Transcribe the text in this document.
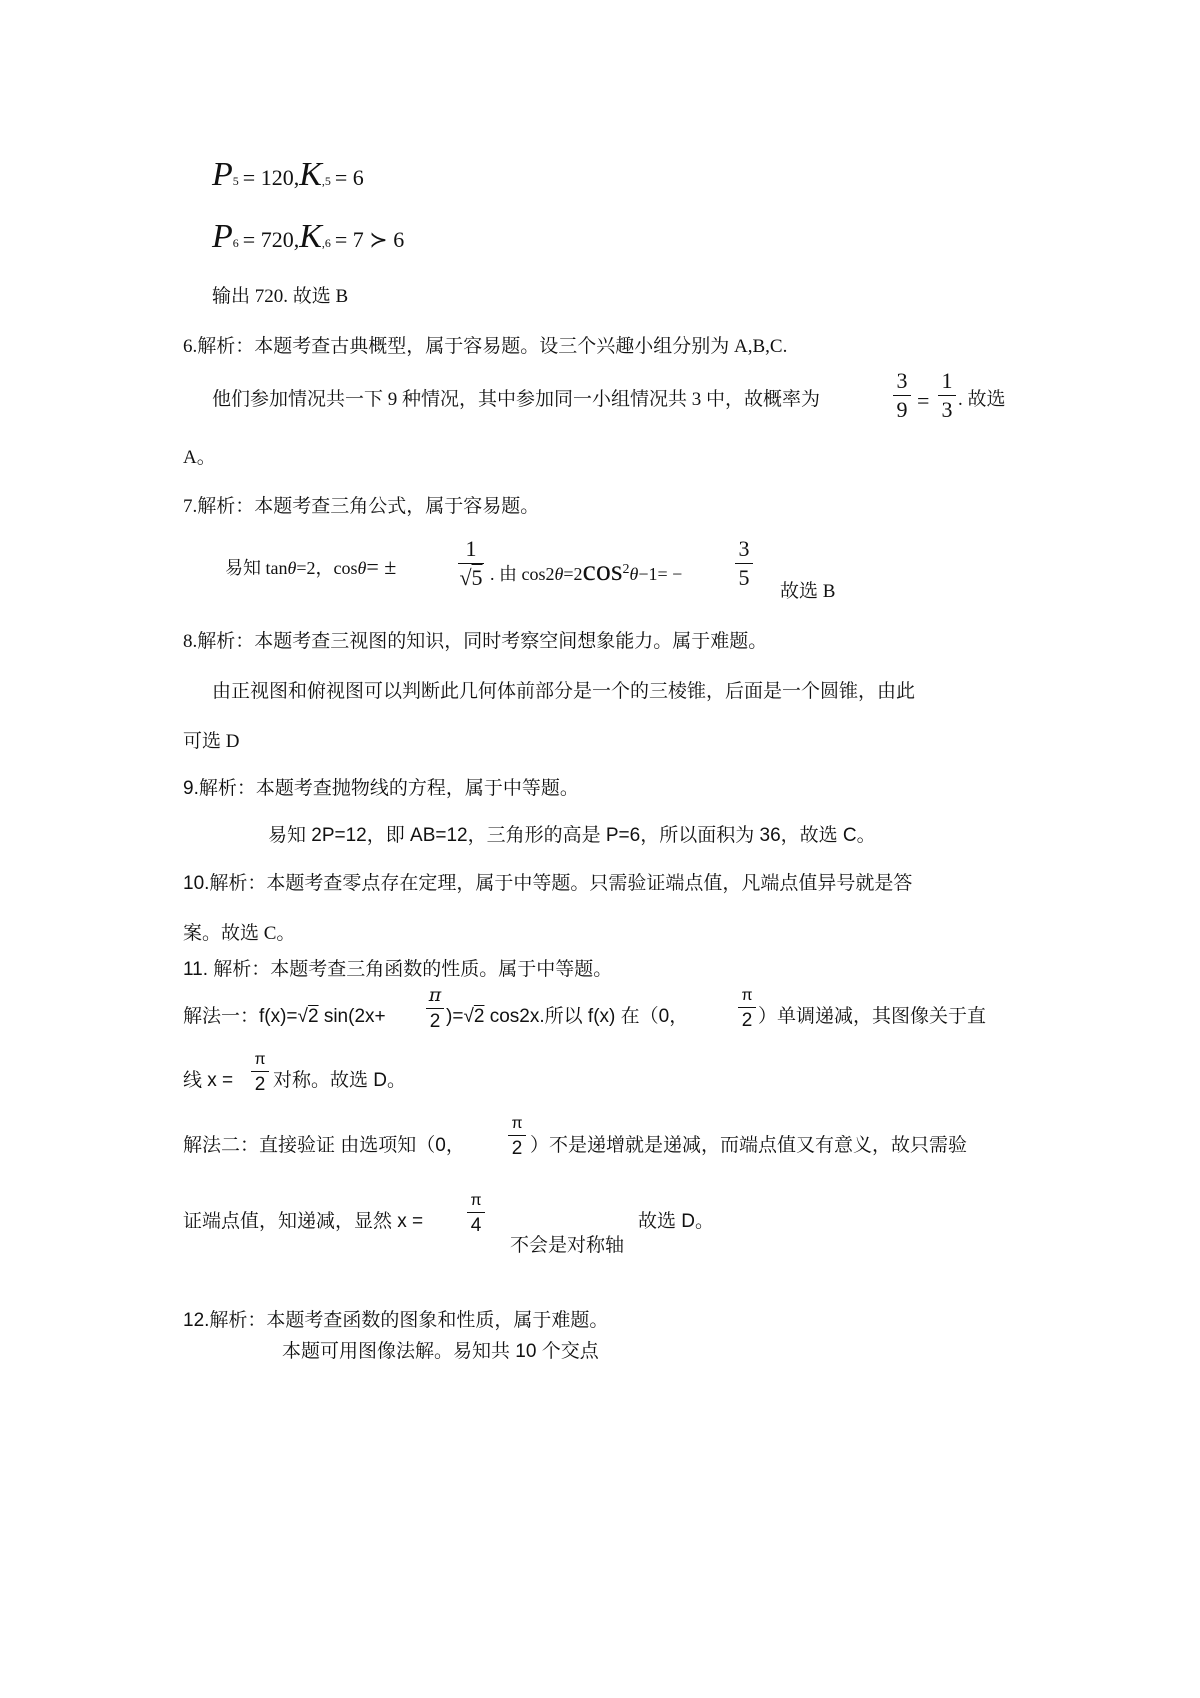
P5 = 120,K,5 = 6
P6 = 720,K,6 = 7 ≻ 6
输出 720. 故选 B
6.解析：本题考查古典概型，属于容易题。设三个兴趣小组分别为 A,B,C.
他们参加情况共一下 9 种情况，其中参加同一小组情况共 3 中，故概率为
3
9 =
1
3 . 故选
A。
7.解析：本题考查三角公式，属于容易题。
易知 tanθ=2，cosθ= ±
1
√5 . 由 $\cos 2\theta=2\cos^2\theta-1=$ −
3
5
故选 B
8.解析：本题考查三视图的知识，同时考察空间想象能力。属于难题。
由正视图和俯视图可以判断此几何体前部分是一个的三棱锥，后面是一个圆锥，由此
可选 D
9.解析：本题考查抛物线的方程，属于中等题。
易知 2P=12，即 AB=12，三角形的高是 P=6，所以面积为 36，故选 C。
10.解析：本题考查零点存在定理，属于中等题。只需验证端点值，凡端点值异号就是答
案。故选 C。
11. 解析：本题考查三角函数的性质。属于中等题。
解法一：f(x)=√2 sin(2x+
π
2 )=√2 cos2x.所以 f(x) 在（0，
π
2 ）单调递减，其图像关于直
线 x =
π
2 对称。故选 D。
解法二：直接验证 由选项知（0，
π
2 ）不是递增就是递减，而端点值又有意义，故只需验
证端点值，知递减，显然 x =
π
4
不会是对称轴
故选 D。
12.解析：本题考查函数的图象和性质，属于难题。
本题可用图像法解。易知共 10 个交点
